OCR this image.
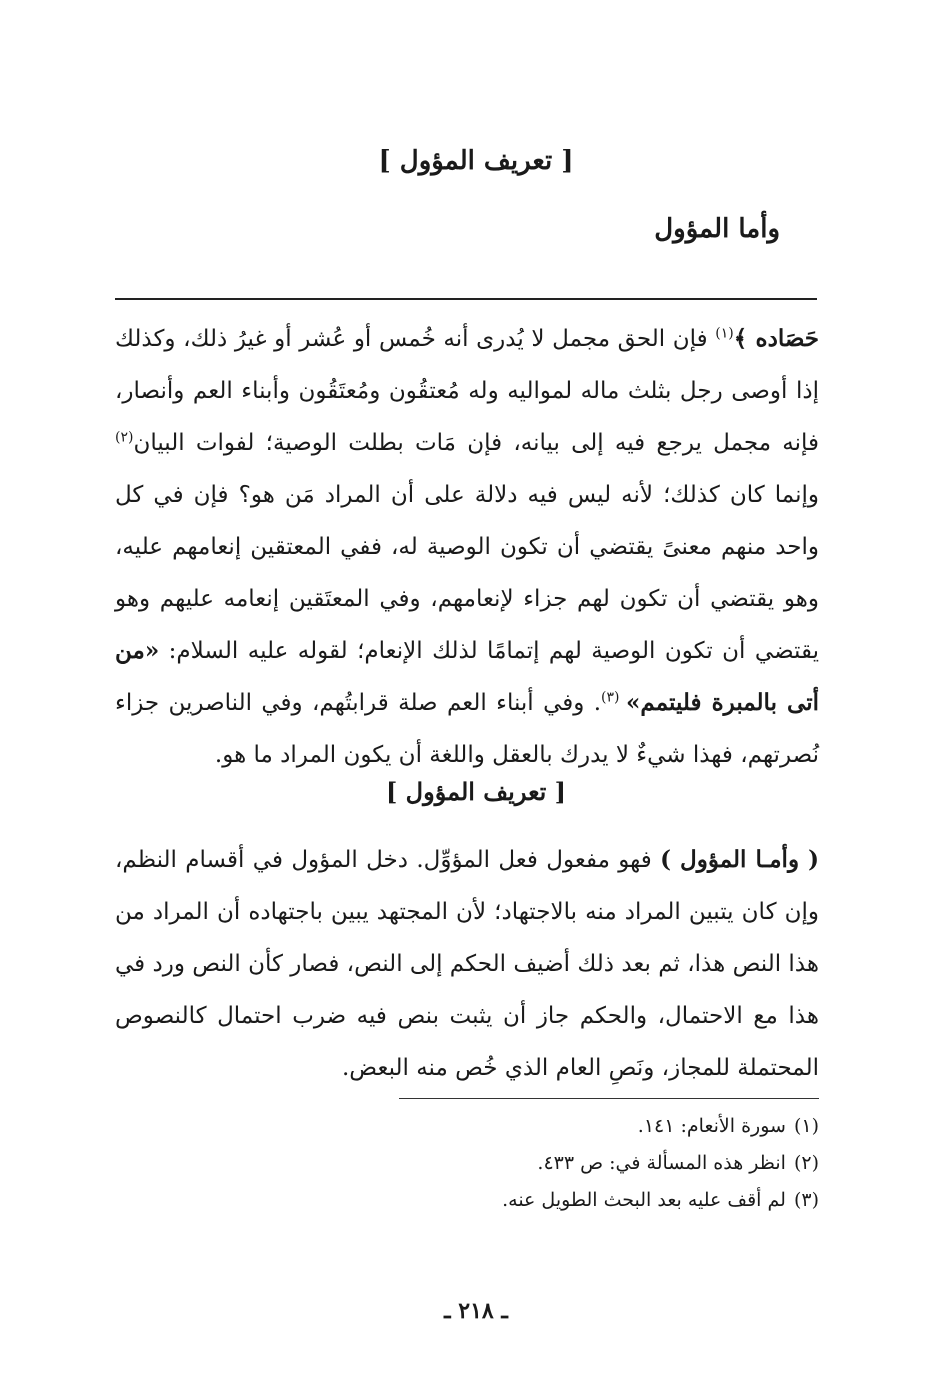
[ تعريف المؤول ]
وأما المؤول

حَصَاده ﴾$^{(١)}$ فإن الحق مجمل لا يُدرى أنه خُمس أو عُشر أو غيرُ ذلك، وكذلك إذا أوصى رجل بثلث ماله لمواليه وله مُعتقُون ومُعتَقُون وأبناء العم وأنصار، فإنه مجمل يرجع فيه إلى بيانه، فإن مَات بطلت الوصية؛ لفوات البيان$^{(٢)}$ وإنما كان كذلك؛ لأنه ليس فيه دلالة على أن المراد مَن هو؟ فإن في كل واحد منهم معنىً يقتضي أن تكون الوصية له، ففي المعتقين إنعامهم عليه، وهو يقتضي أن تكون لهم جزاء لإنعامهم، وفي المعتَقين إنعامه عليهم وهو يقتضي أن تكون الوصية لهم إتمامًا لذلك الإنعام؛ لقوله عليه السلام: «من أتى بالمبرة فليتمم» $^{(٣)}$. وفي أبناء العم صلة قرابتُهم، وفي الناصرين جزاء نُصرتهم، فهذا شيءٌ لا يدرك بالعقل واللغة أن يكون المراد ما هو.

[ تعريف المؤول ]

( وأمـا المؤول ) فهو مفعول فعل المؤوِّل. دخل المؤول في أقسام النظم، وإن كان يتبين المراد منه بالاجتهاد؛ لأن المجتهد يبين باجتهاده أن المراد من هذا النص هذا، ثم بعد ذلك أضيف الحكم إلى النص، فصار كأن النص ورد في هذا مع الاحتمال، والحكم جاز أن يثبت بنص فيه ضرب احتمال كالنصوص المحتملة للمجاز، ونَصِ العام الذي خُص منه البعض.

(١)سورة الأنعام: ١٤١.
(٢)انظر هذه المسألة في: ص ٤٣٣.
(٣)لم أقف عليه بعد البحث الطويل عنه.
ـ ٢١٨ ـ
